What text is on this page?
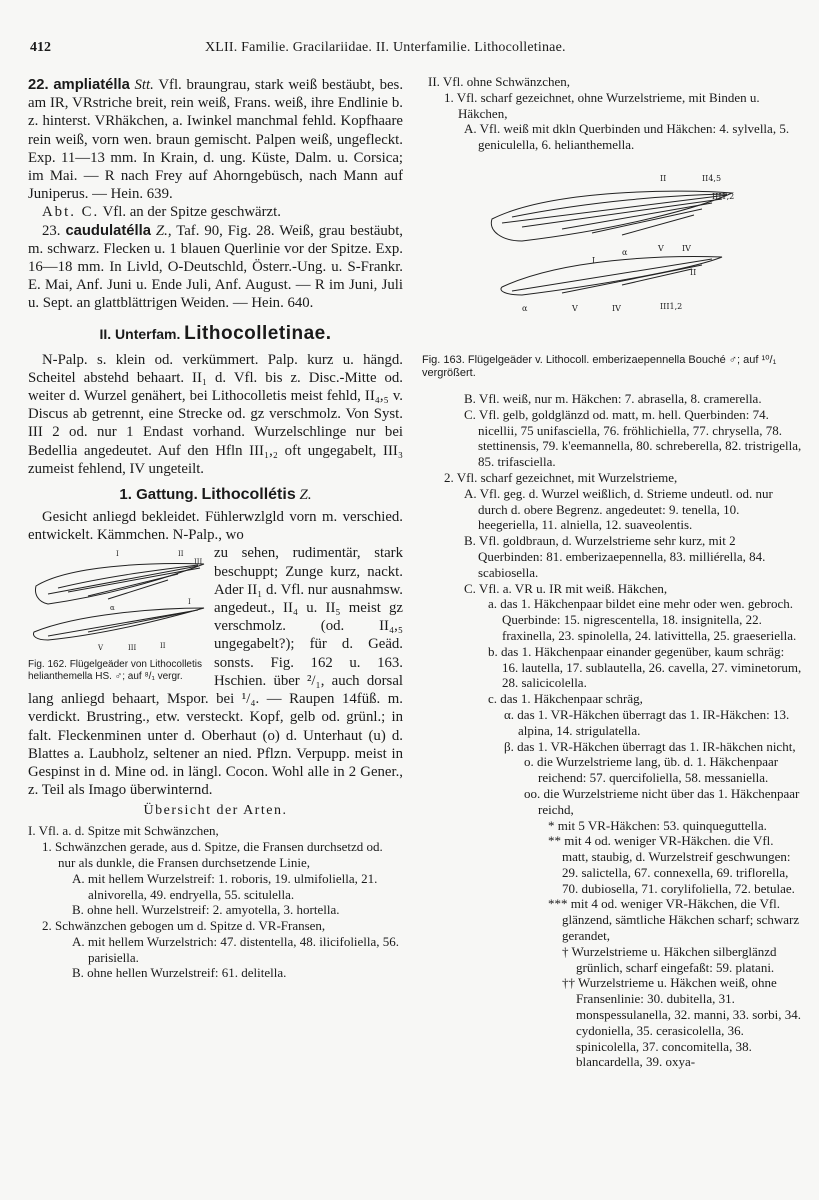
412	XLII. Familie. Gracilariidae. II. Unterfamilie. Lithocolletinae.

22. ampliatélla Stt. Vfl. braungrau, stark weiß bestäubt, bes. am IR, VRstriche breit, rein weiß, Frans. weiß, ihre Endlinie b. z. hinterst. VRhäkchen, a. Iwinkel manchmal fehld. Kopfhaare rein weiß, vorn wen. braun gemischt. Palpen weiß, ungefleckt. Exp. 11—13 mm. In Krain, d. ung. Küste, Dalm. u. Corsica; im Mai. — R nach Frey auf Ahorngebüsch, nach Mann auf Juniperus. — Hein. 639.

Abt. C. Vfl. an der Spitze geschwärzt.

23. caudulatélla Z., Taf. 90, Fig. 28. Weiß, grau bestäubt, m. schwarz. Flecken u. 1 blauen Querlinie vor der Spitze. Exp. 16—18 mm. In Livld, O-Deutschld, Österr.-Ung. u. S-Frankr. E. Mai, Anf. Juni u. Ende Juli, Anf. August. — R im Juni, Juli u. Sept. an glattblättrigen Weiden. — Hein. 640.

II. Unterfam. Lithocolletinae.

N-Palp. s. klein od. verkümmert. Palp. kurz u. hängd. Scheitel abstehd behaart. II₁ d. Vfl. bis z. Disc.-Mitte od. weiter d. Wurzel genähert, bei Lithocolletis meist fehld, II₄,₅ v. Discus ab getrennt, eine Strecke od. gz verschmolz. Von Syst. III 2 od. nur 1 Endast vorhand. Wurzelschlinge nur bei Bedellia angedeutet. Auf den Hfln III₁,₂ oft ungegabelt, III₃ zumeist fehlend, IV ungeteilt.

1. Gattung. Lithocollétis Z.

Gesicht anliegd bekleidet. Fühlerwzlgld vorn m. verschied. entwickelt. Kämmchen. N-Palp., wo

I	II
III
α
I
V	III	II
Fig. 162. Flügelgeäder von Lithocolletis helianthemella HS. ♂; auf ⁸/₁ vergr.

zu sehen, rudimentär, stark beschuppt; Zunge kurz, nackt. Ader II₁ d. Vfl. nur ausnahmsw. angedeut., II₄ u. II₅ meist gz verschmolz. (od. II₄,₅ ungegabelt?); für d. Geäd. sonsts. Fig. 162 u. 163. Hschien. über ²/₁, auch dorsal lang anliegd behaart, Mspor. bei ¹/₄. — Raupen 14füß. m. verdickt. Brustring., etw. versteckt. Kopf, gelb od. grünl.; in falt. Fleckenminen unter d. Oberhaut (o) d. Unterhaut (u) d. Blattes a. Laubholz, seltener an nied. Pflzn. Verpupp. meist in Gespinst in d. Mine od. in längl. Cocon. Wohl alle in 2 Gener., z. Teil als Imago überwinternd.

Übersicht der Arten.

I. Vfl. a. d. Spitze mit Schwänzchen,

1. Schwänzchen gerade, aus d. Spitze, die Fransen durchsetzd od. nur als dunkle, die Fransen durchsetzende Linie,

A. mit hellem Wurzelstreif: 1. roboris, 19. ulmifoliella, 21. alnivorella, 49. endryella, 55. scitulella.

B. ohne hell. Wurzelstreif: 2. amyotella, 3. hortella.

2. Schwänzchen gebogen um d. Spitze d. VR-Fransen,

A. mit hellem Wurzelstrich: 47. distentella, 48. ilicifoliella, 56. parisiella.

B. ohne hellen Wurzelstreif: 61. delitella.

II. Vfl. ohne Schwänzchen,

1. Vfl. scharf gezeichnet, ohne Wurzelstrieme, mit Binden u. Häkchen,

A. Vfl. weiß mit dkln Querbinden und Häkchen: 4. sylvella, 5. geniculella, 6. helianthemella.

II	II4,5
III1,2
α	V IV
I
II
α	V	IV	III1,2
Fig. 163. Flügelgeäder v. Lithocoll. emberizaepennella Bouché ♂; auf ¹⁰/₁ vergrößert.

B. Vfl. weiß, nur m. Häkchen: 7. abrasella, 8. cramerella.

C. Vfl. gelb, goldglänzd od. matt, m. hell. Querbinden: 74. nicellii, 75 unifasciella, 76. fröhlichiella, 77. chrysella, 78. stettinensis, 79. k'eemannella, 80. schreberella, 82. tristrigella, 85. trifasciella.

2. Vfl. scharf gezeichnet, mit Wurzelstrieme,

A. Vfl. geg. d. Wurzel weißlich, d. Strieme undeutl. od. nur durch d. obere Begrenz. angedeutet: 9. tenella, 10. heegeriella, 11. alniella, 12. suaveolentis.

B. Vfl. goldbraun, d. Wurzelstrieme sehr kurz, mit 2 Querbinden: 81. emberizaepennella, 83. milliérella, 84. scabiosella.

C. Vfl. a. VR u. IR mit weiß. Häkchen,

a. das 1. Häkchenpaar bildet eine mehr oder wen. gebroch. Querbinde: 15. nigrescentella, 18. insignitella, 22. fraxinella, 23. spinolella, 24. lativittella, 25. graeseriella.

b. das 1. Häkchenpaar einander gegenüber, kaum schräg: 16. lautella, 17. sublautella, 26. cavella, 27. viminetorum, 28. salicicolella.

c. das 1. Häkchenpaar schräg,

α. das 1. VR-Häkchen überragt das 1. IR-Häkchen: 13. alpina, 14. strigulatella.

β. das 1. VR-Häkchen überragt das 1. IR-häkchen nicht,

o. die Wurzelstrieme lang, üb. d. 1. Häkchenpaar reichend: 57. quercifoliella, 58. messaniella.

oo. die Wurzelstrieme nicht über das 1. Häkchenpaar reichd,

* mit 5 VR-Häkchen: 53. quinqueguttella.

** mit 4 od. weniger VR-Häkchen. die Vfl. matt, staubig, d. Wurzelstreif geschwungen: 29. salictella, 67. connexella, 69. triflorella, 70. dubiosella, 71. corylifoliella, 72. betulae.

*** mit 4 od. weniger VR-Häkchen, die Vfl. glänzend, sämtliche Häkchen scharf; schwarz gerandet,

† Wurzelstrieme u. Häkchen silberglänzd grünlich, scharf eingefaßt: 59. platani.

†† Wurzelstrieme u. Häkchen weiß, ohne Fransenlinie: 30. dubitella, 31. monspessulanella, 32. manni, 33. sorbi, 34. cydoniella, 35. cerasicolella, 36. spinicolella, 37. concomitella, 38. blancardella, 39. oxya-
